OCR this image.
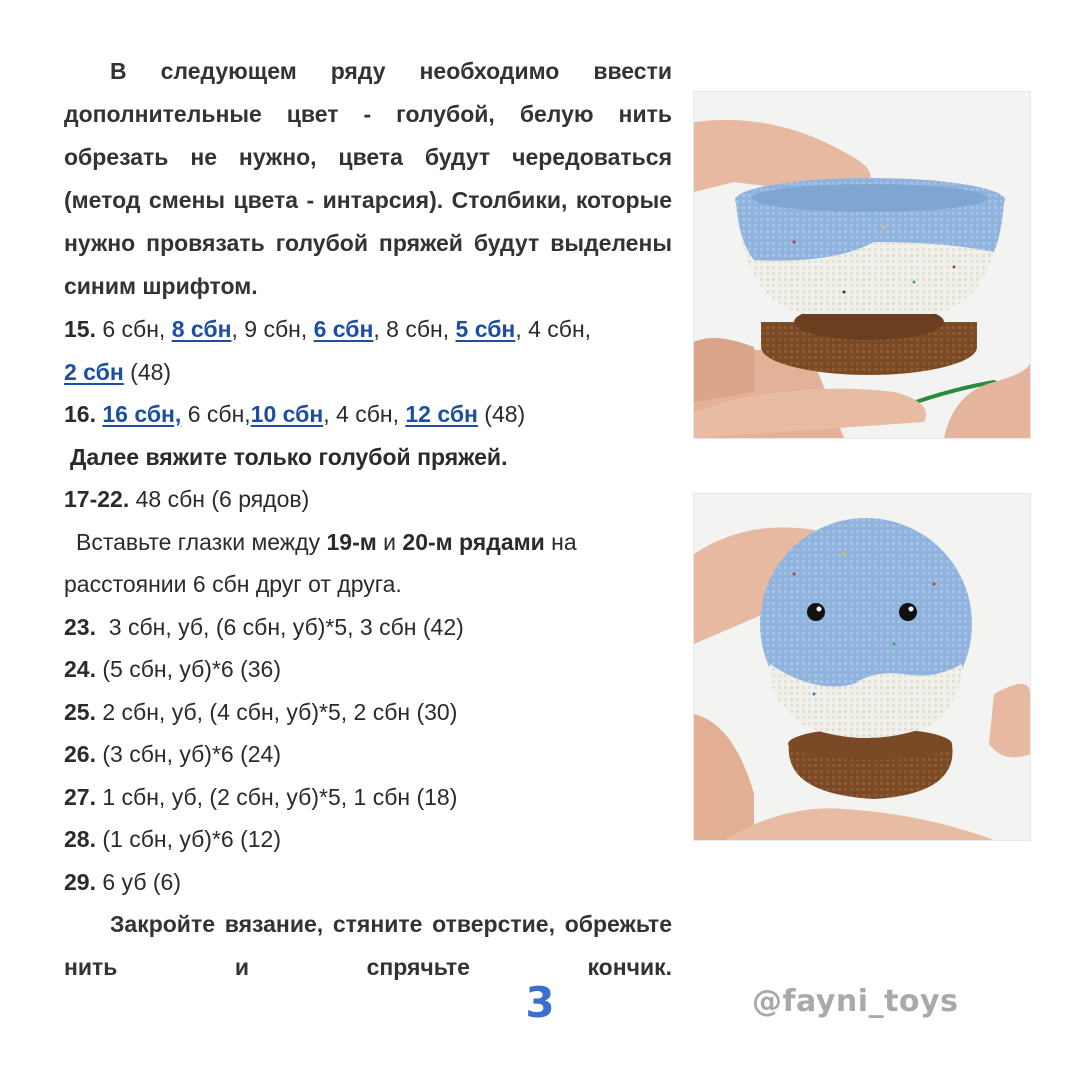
В следующем ряду необходимо ввести дополнительные цвет - голубой, белую нить обрезать не нужно, цвета будут чередоваться (метод смены цвета - интарсия). Столбики, которые нужно провязать голубой пряжей будут выделены синим шрифтом.

15. 6 сбн, 8 сбн, 9 сбн, 6 сбн, 8 сбн, 5 сбн, 4 сбн,

2 сбн (48)

16. 16 сбн, 6 сбн,10 сбн, 4 сбн, 12 сбн (48)

Далее вяжите только голубой пряжей.

17-22. 48 сбн (6 рядов)

Вставьте глазки между 19-м и 20-м рядами на

расстоянии 6 сбн друг от друга.

23.  3 сбн, уб, (6 сбн, уб)*5, 3 сбн (42)

24. (5 сбн, уб)*6 (36)

25. 2 сбн, уб, (4 сбн, уб)*5, 2 сбн (30)

26. (3 сбн, уб)*6 (24)

27. 1 сбн, уб, (2 сбн, уб)*5, 1 сбн (18)

28. (1 сбн, уб)*6 (12)

29. 6 уб (6)

Закройте вязание, стяните отверстие, обрежьте нить и спрячьте кончик.

3	@fayni_toys
